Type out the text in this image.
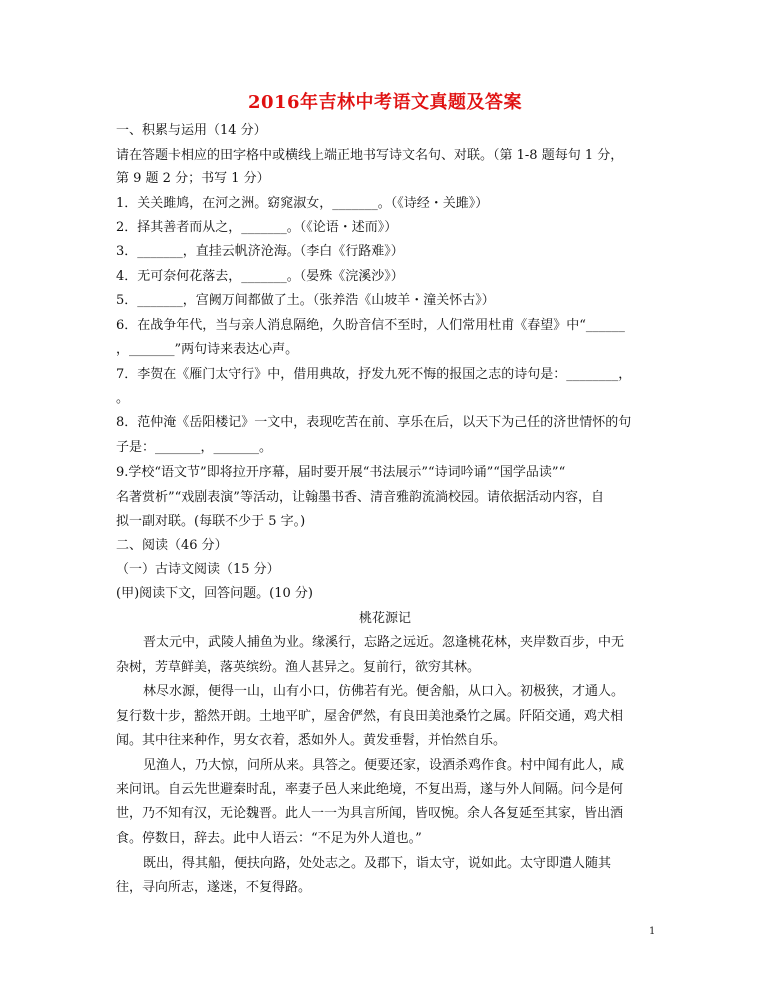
2016年吉林中考语文真题及答案
一、积累与运用（14 分）
请在答题卡相应的田字格中或横线上端正地书写诗文名句、对联。（第 1-8 题每句 1 分，
第 9 题 2 分；书写 1 分）
1．关关雎鸠，在河之洲。窈窕淑女，_______。（《诗经・关雎》）
2．择其善者而从之，_______。（《论语・述而》）
3．_______，直挂云帆济沧海。（李白《行路难》）
4．无可奈何花落去，_______。（晏殊《浣溪沙》）
5．_______，宫阙万间都做了土。（张养浩《山坡羊・潼关怀古》）
6．在战争年代，当与亲人消息隔绝，久盼音信不至时，人们常用杜甫《春望》中“______
，_______”两句诗来表达心声。
7．李贺在《雁门太守行》中，借用典故，抒发九死不悔的报国之志的诗句是：________，
。
8．范仲淹《岳阳楼记》一文中，表现吃苦在前、享乐在后，以天下为己任的济世情怀的句
子是：_______，_______。
9.学校“语文节”即将拉开序幕，届时要开展“书法展示”“诗词吟诵”“国学品读”“
名著赏析”“戏剧表演”等活动，让翰墨书香、清音雅韵流淌校园。请依据活动内容，自
拟一副对联。(每联不少于 5 字。)
二、阅读（46 分）
（一）古诗文阅读（15 分）
(甲)阅读下文，回答问题。(10 分)
桃花源记
晋太元中，武陵人捕鱼为业。缘溪行，忘路之远近。忽逢桃花林，夹岸数百步，中无
杂树，芳草鲜美，落英缤纷。渔人甚异之。复前行，欲穷其林。
林尽水源，便得一山，山有小口，仿佛若有光。便舍船，从口入。初极狭，才通人。
复行数十步，豁然开朗。土地平旷，屋舍俨然，有良田美池桑竹之属。阡陌交通，鸡犬相
闻。其中往来种作，男女衣着，悉如外人。黄发垂髫，并怡然自乐。
见渔人，乃大惊，问所从来。具答之。便要还家，设酒杀鸡作食。村中闻有此人，咸
来问讯。自云先世避秦时乱，率妻子邑人来此绝境，不复出焉，遂与外人间隔。问今是何
世，乃不知有汉，无论魏晋。此人一一为具言所闻，皆叹惋。余人各复延至其家，皆出酒
食。停数日，辞去。此中人语云：“不足为外人道也。”
既出，得其船，便扶向路，处处志之。及郡下，诣太守，说如此。太守即遣人随其
往，寻向所志，遂迷，不复得路。
1
